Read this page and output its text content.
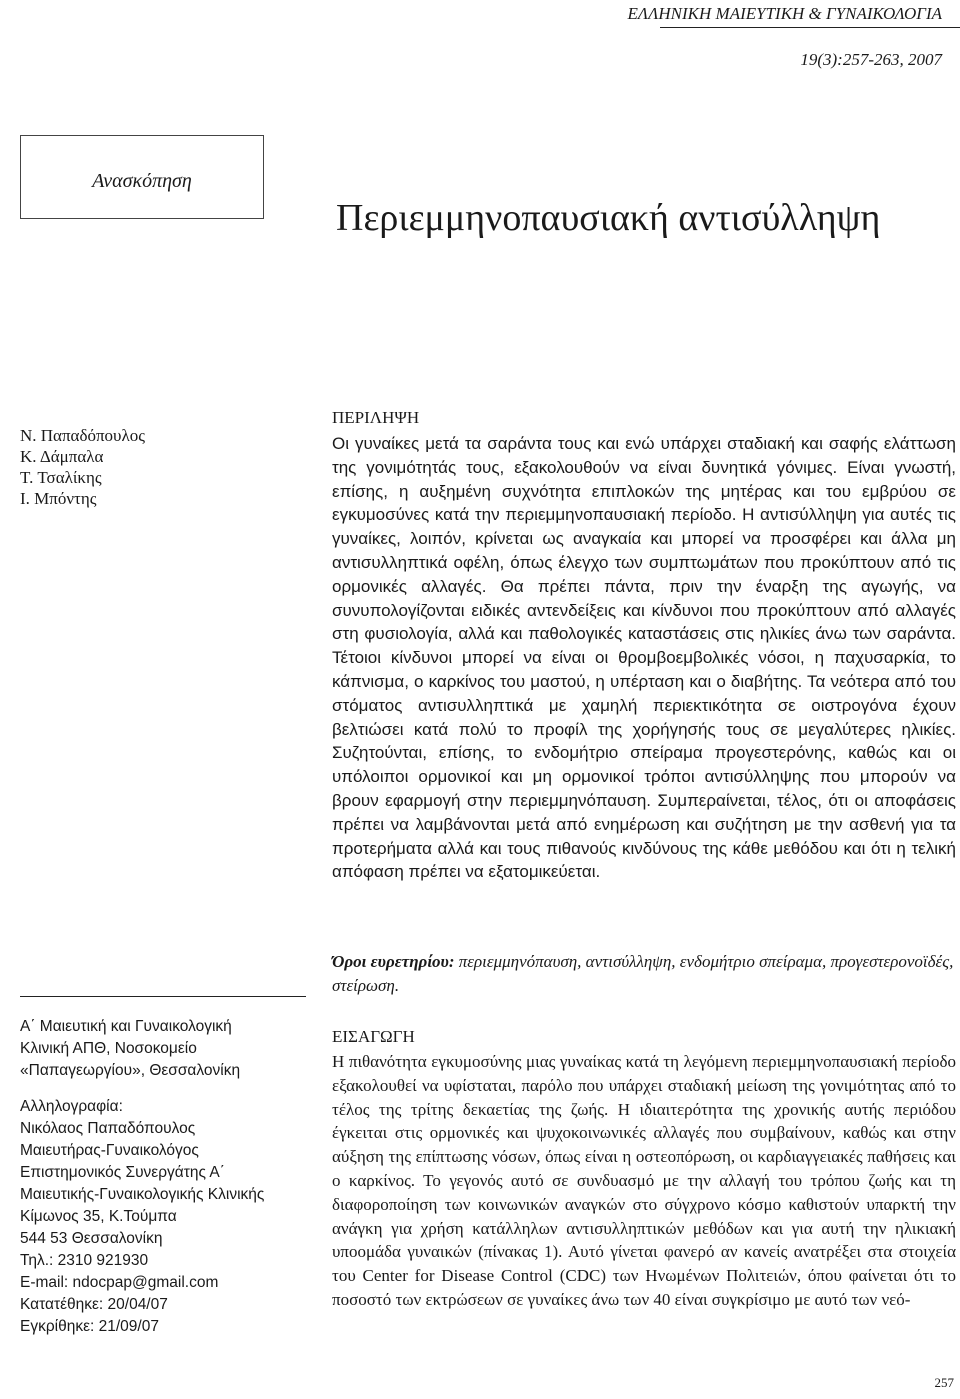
ΕΛΛΗΝΙΚΗ ΜΑΙΕΥΤΙΚΗ & ΓΥΝΑΙΚΟΛΟΓΙΑ
19(3):257-263, 2007
Ανασκόπηση
Περιεμμηνοπαυσιακή αντισύλληψη
Ν. Παπαδόπουλος
Κ. Δάμπαλα
Τ. Τσαλίκης
Ι. Μπόντης
ΠΕΡΙΛΗΨΗ
Οι γυναίκες μετά τα σαράντα τους και ενώ υπάρχει σταδιακή και σαφής ελάττωση της γονιμότητάς τους, εξακολουθούν να είναι δυνητικά γόνιμες. Είναι γνωστή, επίσης, η αυξημένη συχνότητα επιπλοκών της μητέρας και του εμβρύου σε εγκυμοσύνες κατά την περιεμμηνοπαυσιακή περίοδο. Η αντισύλληψη για αυτές τις γυναίκες, λοιπόν, κρίνεται ως αναγκαία και μπορεί να προσφέρει και άλλα μη αντισυλληπτικά οφέλη, όπως έλεγχο των συμπτωμάτων που προκύπτουν από τις ορμονικές αλλαγές. Θα πρέπει πάντα, πριν την έναρξη της αγωγής, να συνυπολογίζονται ειδικές αντενδείξεις και κίνδυνοι που προκύπτουν από αλλαγές στη φυσιολογία, αλλά και παθολογικές καταστάσεις στις ηλικίες άνω των σαράντα. Τέτοιοι κίνδυνοι μπορεί να είναι οι θρομβοεμβολικές νόσοι, η παχυσαρκία, το κάπνισμα, ο καρκίνος του μαστού, η υπέρταση και ο διαβήτης. Τα νεότερα από του στόματος αντισυλληπτικά με χαμηλή περιεκτικότητα σε οιστρογόνα έχουν βελτιώσει κατά πολύ το προφίλ της χορήγησής τους σε μεγαλύτερες ηλικίες. Συζητούνται, επίσης, το ενδομήτριο σπείραμα προγεστερόνης, καθώς και οι υπόλοιποι ορμονικοί και μη ορμονικοί τρόποι αντισύλληψης που μπορούν να βρουν εφαρμογή στην περιεμμηνόπαυση. Συμπεραίνεται, τέλος, ότι οι αποφάσεις πρέπει να λαμβάνονται μετά από ενημέρωση και συζήτηση με την ασθενή για τα προτερήματα αλλά και τους πιθανούς κινδύνους της κάθε μεθόδου και ότι η τελική απόφαση πρέπει να εξατομικεύεται.
Όροι ευρετηρίου: περιεμμηνόπαυση, αντισύλληψη, ενδομήτριο σπείραμα, προγεστερονοϊδές, στείρωση.
Α΄ Μαιευτική και Γυναικολογική
Κλινική ΑΠΘ, Νοσοκομείο
«Παπαγεωργίου», Θεσσαλονίκη
Αλληλογραφία:
Νικόλαος Παπαδόπουλος
Μαιευτήρας-Γυναικολόγος
Επιστημονικός Συνεργάτης Α΄
Μαιευτικής-Γυναικολογικής Κλινικής
Κίμωνος 35, Κ.Τούμπα
544 53 Θεσσαλονίκη
Τηλ.: 2310 921930
E-mail: ndocpap@gmail.com
Κατατέθηκε: 20/04/07
Εγκρίθηκε: 21/09/07
ΕΙΣΑΓΩΓΗ
Η πιθανότητα εγκυμοσύνης μιας γυναίκας κατά τη λεγόμενη περιεμμηνοπαυσιακή περίοδο εξακολουθεί να υφίσταται, παρόλο που υπάρχει σταδιακή μείωση της γονιμότητας από το τέλος της τρίτης δεκαετίας της ζωής. Η ιδιαιτερότητα της χρονικής αυτής περιόδου έγκειται στις ορμονικές και ψυχοκοινωνικές αλλαγές που συμβαίνουν, καθώς και στην αύξηση της επίπτωσης νόσων, όπως είναι η οστεοπόρωση, οι καρδιαγγειακές παθήσεις και ο καρκίνος. Το γεγονός αυτό σε συνδυασμό με την αλλαγή του τρόπου ζωής και τη διαφοροποίηση των κοινωνικών αναγκών στο σύγχρονο κόσμο καθιστούν υπαρκτή την ανάγκη για χρήση κατάλληλων αντισυλληπτικών μεθόδων και για αυτή την ηλικιακή υποομάδα γυναικών (πίνακας 1). Αυτό γίνεται φανερό αν κανείς ανατρέξει στα στοιχεία του Center for Disease Control (CDC) των Ηνωμένων Πολιτειών, όπου φαίνεται ότι το ποσοστό των εκτρώσεων σε γυναίκες άνω των 40 είναι συγκρίσιμο με αυτό των νεό-
257
